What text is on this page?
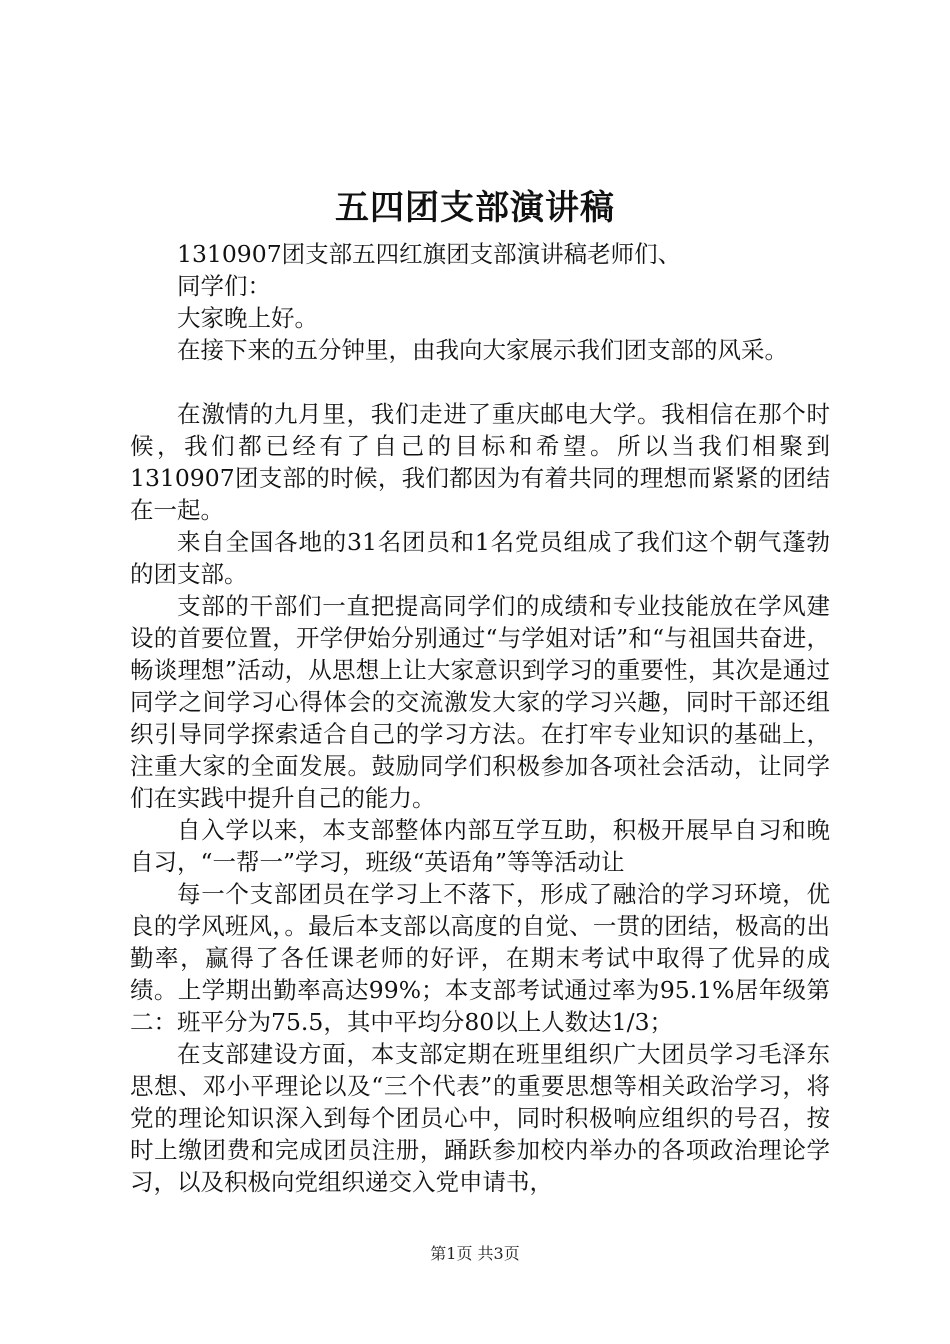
五四团支部演讲稿

1310907团支部五四红旗团支部演讲稿老师们、

同学们：

大家晚上好。

在接下来的五分钟里，由我向大家展示我们团支部的风采。

在激情的九月里，我们走进了重庆邮电大学。我相信在那个时候，我们都已经有了自己的目标和希望。所以当我们相聚到1310907团支部的时候，我们都因为有着共同的理想而紧紧的团结在一起。

来自全国各地的31名团员和1名党员组成了我们这个朝气蓬勃的团支部。

支部的干部们一直把提高同学们的成绩和专业技能放在学风建设的首要位置，开学伊始分别通过“与学姐对话”和“与祖国共奋进，畅谈理想”活动，从思想上让大家意识到学习的重要性，其次是通过同学之间学习心得体会的交流激发大家的学习兴趣，同时干部还组织引导同学探索适合自己的学习方法。在打牢专业知识的基础上，注重大家的全面发展。鼓励同学们积极参加各项社会活动，让同学们在实践中提升自己的能力。

自入学以来，本支部整体内部互学互助，积极开展早自习和晚自习，“一帮一”学习，班级“英语角”等等活动让

每一个支部团员在学习上不落下，形成了融洽的学习环境，优良的学风班风，。最后本支部以高度的自觉、一贯的团结，极高的出勤率，赢得了各任课老师的好评，在期末考试中取得了优异的成绩。上学期出勤率高达99%；本支部考试通过率为95.1%居年级第二：班平分为75.5，其中平均分80以上人数达1/3；

在支部建设方面，本支部定期在班里组织广大团员学习毛泽东思想、邓小平理论以及“三个代表”的重要思想等相关政治学习，将党的理论知识深入到每个团员心中，同时积极响应组织的号召，按时上缴团费和完成团员注册，踊跃参加校内举办的各项政治理论学习，以及积极向党组织递交入党申请书，

第1页 共3页
